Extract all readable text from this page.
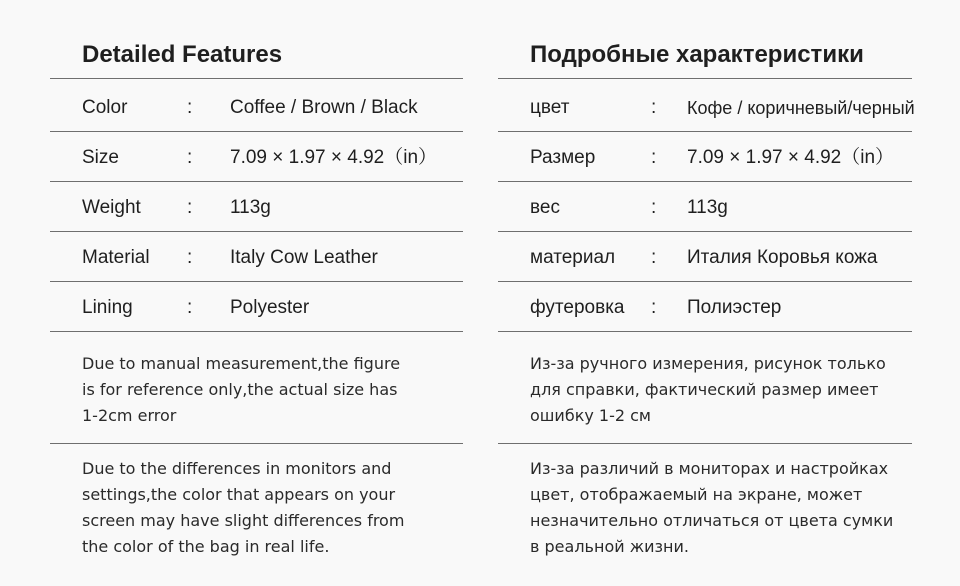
Detailed Features
Color	: Coffee / Brown / Black
Size	: 7.09 × 1.97 × 4.92（in）
Weight : 113g
Material : Italy Cow Leather
Lining	: Polyester
Due to manual measurement,the figure
is for reference only,the actual size has
1-2cm error
Due to the differences in monitors and
settings,the color that appears on your
screen may have slight differences from
the color of the bag in real life.
Подробные характеристики
цвет	: Кофе / коричневый/черный
Размер	: 7.09 × 1.97 × 4.92（in）
вес	: 113g
материал : Италия Коровья кожа
футеровка : Полиэстер
Из-за ручного измерения, рисунок только
для справки, фактический размер имеет
ошибку 1-2 см
Из-за различий в мониторах и настройках
цвет, отображаемый на экране, может
незначительно отличаться от цвета сумки
в реальной жизни.
